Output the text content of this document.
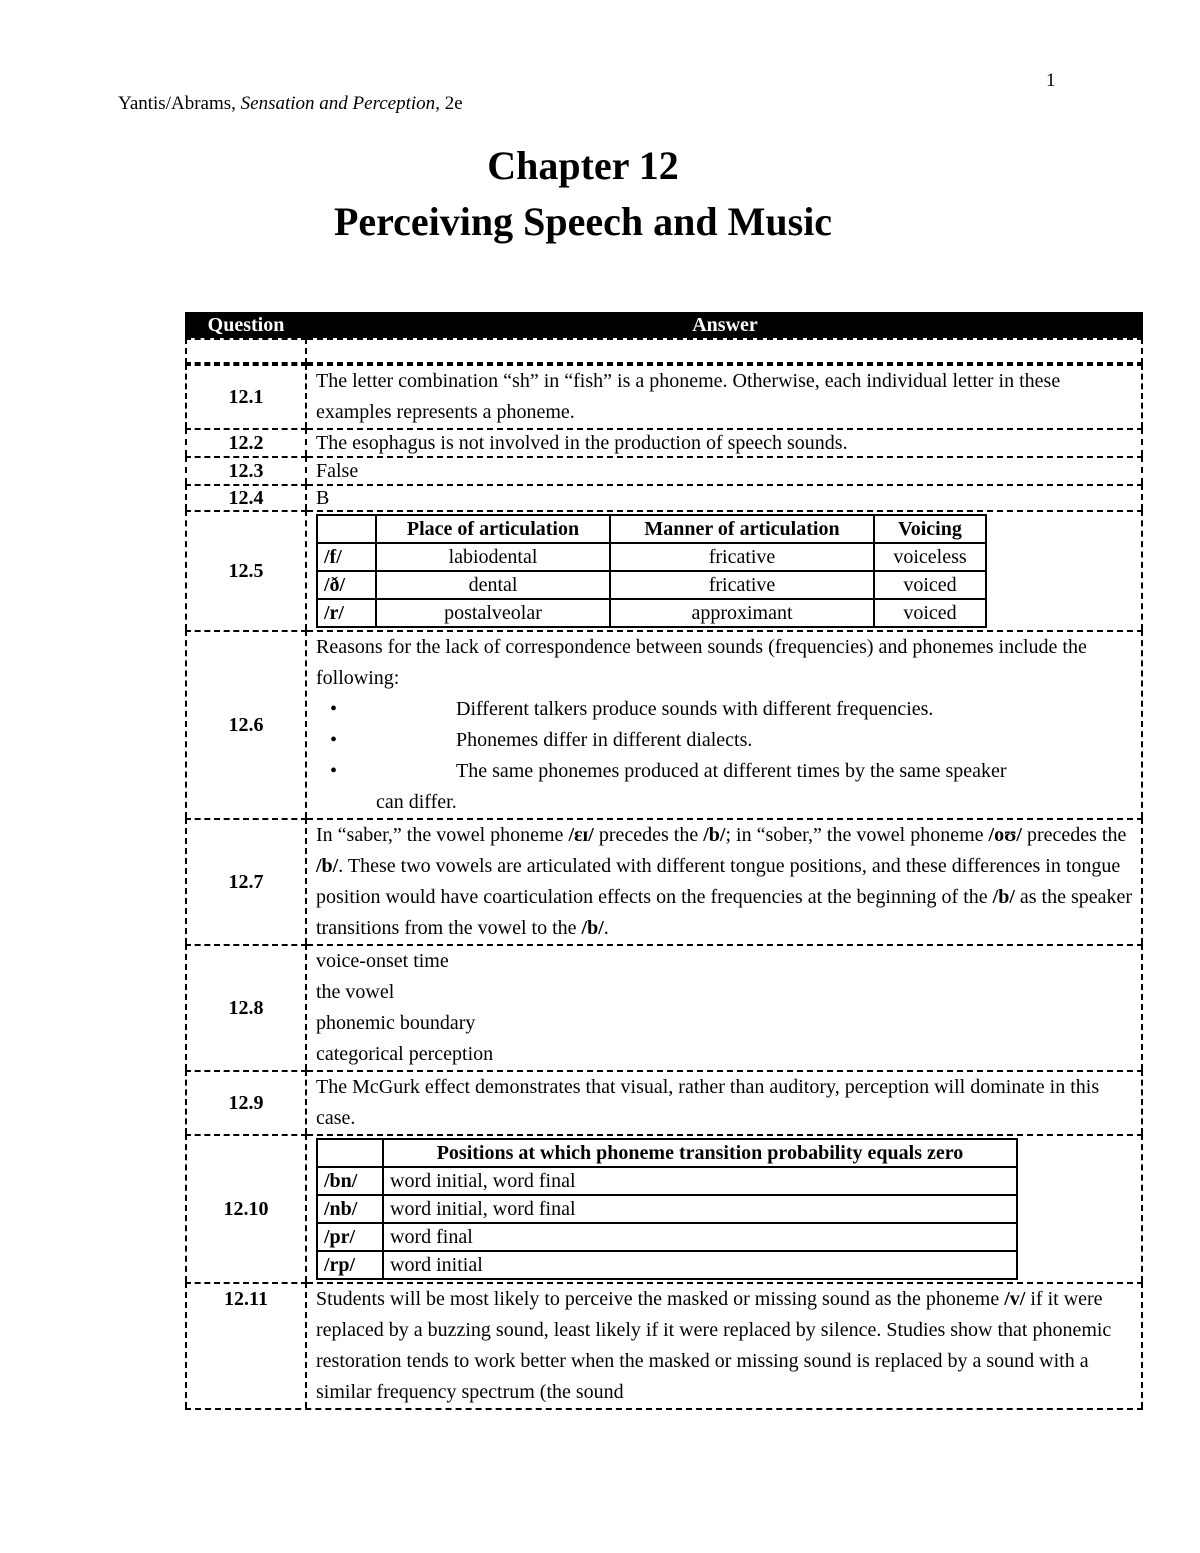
1
Yantis/Abrams, Sensation and Perception, 2e
Chapter 12
Perceiving Speech and Music
Question	Answer

12.1	The letter combination “sh” in “fish” is a phoneme. Otherwise, each individual letter in these examples represents a phoneme.
12.2	The esophagus is not involved in the production of speech sounds.
12.3	False
12.4	B
12.5	
	Place of articulation	Manner of articulation	Voicing
/f/	labiodental	fricative	voiceless
/ð/	dental	fricative	voiced
/r/	postalveolar	approximant	voiced

12.6	

Reasons for the lack of correspondence between sounds (frequencies) and phonemes include the following:

•	Different talkers produce sounds with different frequencies.
•	Phonemes differ in different dialects.
•	The same phonemes produced at different times by the same speaker
can differ.

12.7	In “saber,” the vowel phoneme /ɛɪ/ precedes the /b/; in “sober,” the vowel phoneme /oʊ/ precedes the /b/. These two vowels are articulated with different tongue positions, and these differences in tongue position would have coarticulation effects on the frequencies at the beginning of the /b/ as the speaker transitions from the vowel to the /b/.
12.8	

voice-onset time

the vowel

phonemic boundary

categorical perception

12.9	The McGurk effect demonstrates that visual, rather than auditory, perception will dominate in this case.
12.10	
	Positions at which phoneme transition probability equals zero
/bn/	word initial, word final
/nb/	word initial, word final
/pr/	word final
/rp/	word initial

12.11	Students will be most likely to perceive the masked or missing sound as the phoneme /v/ if it were replaced by a buzzing sound, least likely if it were replaced by silence. Studies show that phonemic restoration tends to work better when the masked or missing sound is replaced by a sound with a similar frequency spectrum (the sound
